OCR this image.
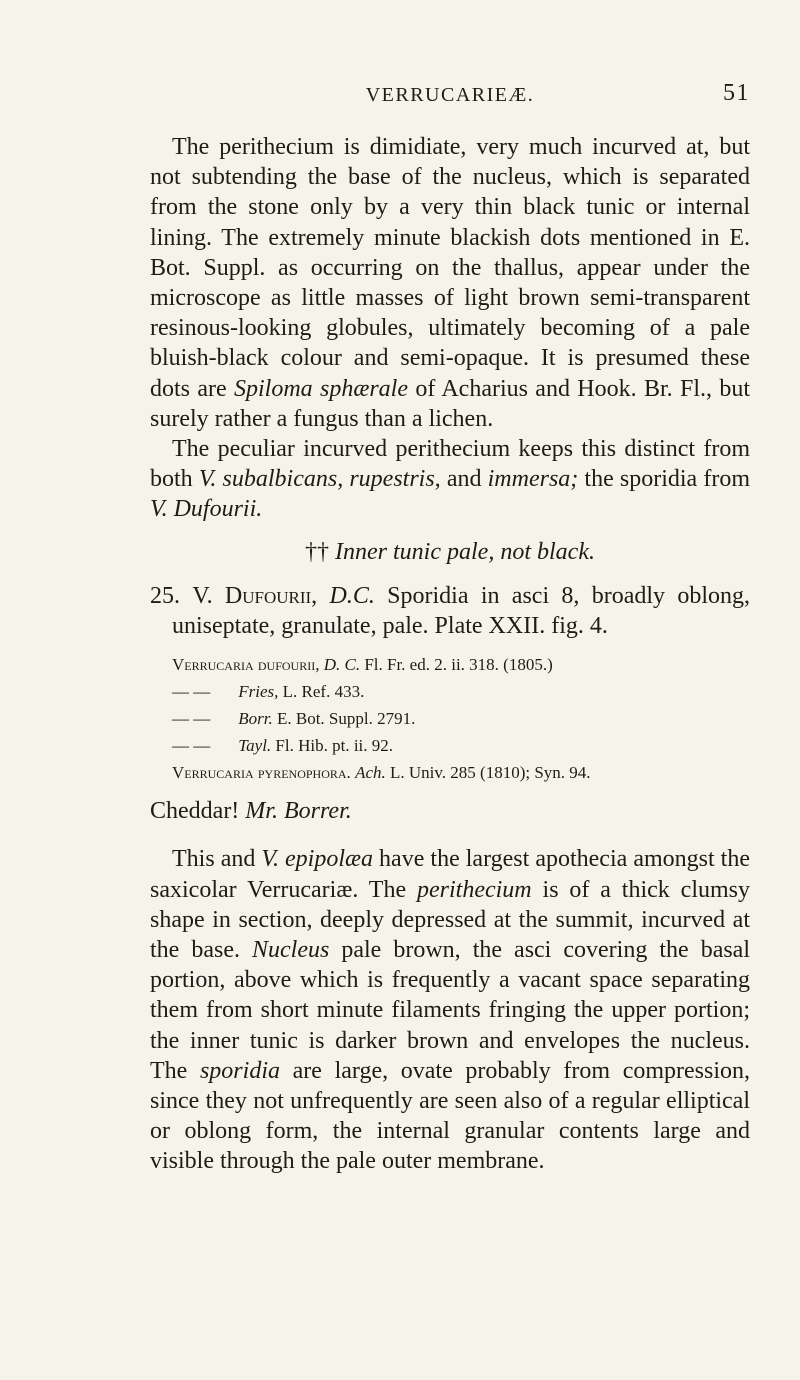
VERRUCARIEÆ.	51

The perithecium is dimidiate, very much incurved at, but not subtending the base of the nucleus, which is separated from the stone only by a very thin black tunic or internal lining. The extremely minute blackish dots mentioned in E. Bot. Suppl. as occurring on the thallus, appear under the microscope as little masses of light brown semi-transparent resinous-looking globules, ultimately becoming of a pale bluish-black colour and semi-opaque. It is presumed these dots are Spiloma sphærale of Acharius and Hook. Br. Fl., but surely rather a fungus than a lichen.

The peculiar incurved perithecium keeps this distinct from both V. subalbicans, rupestris, and immersa; the sporidia from V. Dufourii.

†† Inner tunic pale, not black.

25. V. Dufourii, D.C. Sporidia in asci 8, broadly oblong, uniseptate, granulate, pale. Plate XXII. fig. 4.

Verrucaria dufourii, D. C. Fl. Fr. ed. 2. ii. 318. (1805.)
— — Fries, L. Ref. 433.
— — Borr. E. Bot. Suppl. 2791.
— — Tayl. Fl. Hib. pt. ii. 92.
Verrucaria pyrenophora. Ach. L. Univ. 285 (1810); Syn. 94.

Cheddar! Mr. Borrer.

This and V. epipolæa have the largest apothecia amongst the saxicolar Verrucariæ. The perithecium is of a thick clumsy shape in section, deeply depressed at the summit, incurved at the base. Nucleus pale brown, the asci covering the basal portion, above which is frequently a vacant space separating them from short minute filaments fringing the upper portion; the inner tunic is darker brown and envelopes the nucleus. The sporidia are large, ovate probably from compression, since they not unfrequently are seen also of a regular elliptical or oblong form, the internal granular contents large and visible through the pale outer membrane.
